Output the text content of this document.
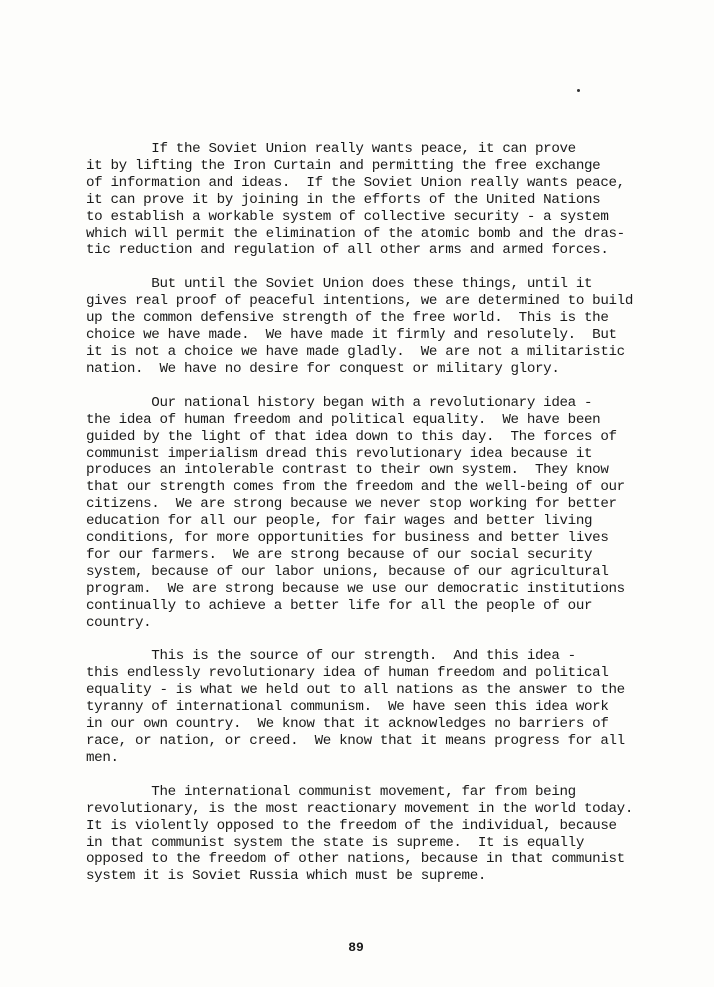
If the Soviet Union really wants peace, it can prove
it by lifting the Iron Curtain and permitting the free exchange
of information and ideas.  If the Soviet Union really wants peace,
it can prove it by joining in the efforts of the United Nations
to establish a workable system of collective security - a system
which will permit the elimination of the atomic bomb and the dras-
tic reduction and regulation of all other arms and armed forces.

But until the Soviet Union does these things, until it
gives real proof of peaceful intentions, we are determined to build
up the common defensive strength of the free world.  This is the
choice we have made.  We have made it firmly and resolutely.  But
it is not a choice we have made gladly.  We are not a militaristic
nation.  We have no desire for conquest or military glory.

Our national history began with a revolutionary idea -
the idea of human freedom and political equality.  We have been
guided by the light of that idea down to this day.  The forces of
communist imperialism dread this revolutionary idea because it
produces an intolerable contrast to their own system.  They know
that our strength comes from the freedom and the well-being of our
citizens.  We are strong because we never stop working for better
education for all our people, for fair wages and better living
conditions, for more opportunities for business and better lives
for our farmers.  We are strong because of our social security
system, because of our labor unions, because of our agricultural
program.  We are strong because we use our democratic institutions
continually to achieve a better life for all the people of our
country.

This is the source of our strength.  And this idea -
this endlessly revolutionary idea of human freedom and political
equality - is what we held out to all nations as the answer to the
tyranny of international communism.  We have seen this idea work
in our own country.  We know that it acknowledges no barriers of
race, or nation, or creed.  We know that it means progress for all
men.

The international communist movement, far from being
revolutionary, is the most reactionary movement in the world today.
It is violently opposed to the freedom of the individual, because
in that communist system the state is supreme.  It is equally
opposed to the freedom of other nations, because in that communist
system it is Soviet Russia which must be supreme.

89
